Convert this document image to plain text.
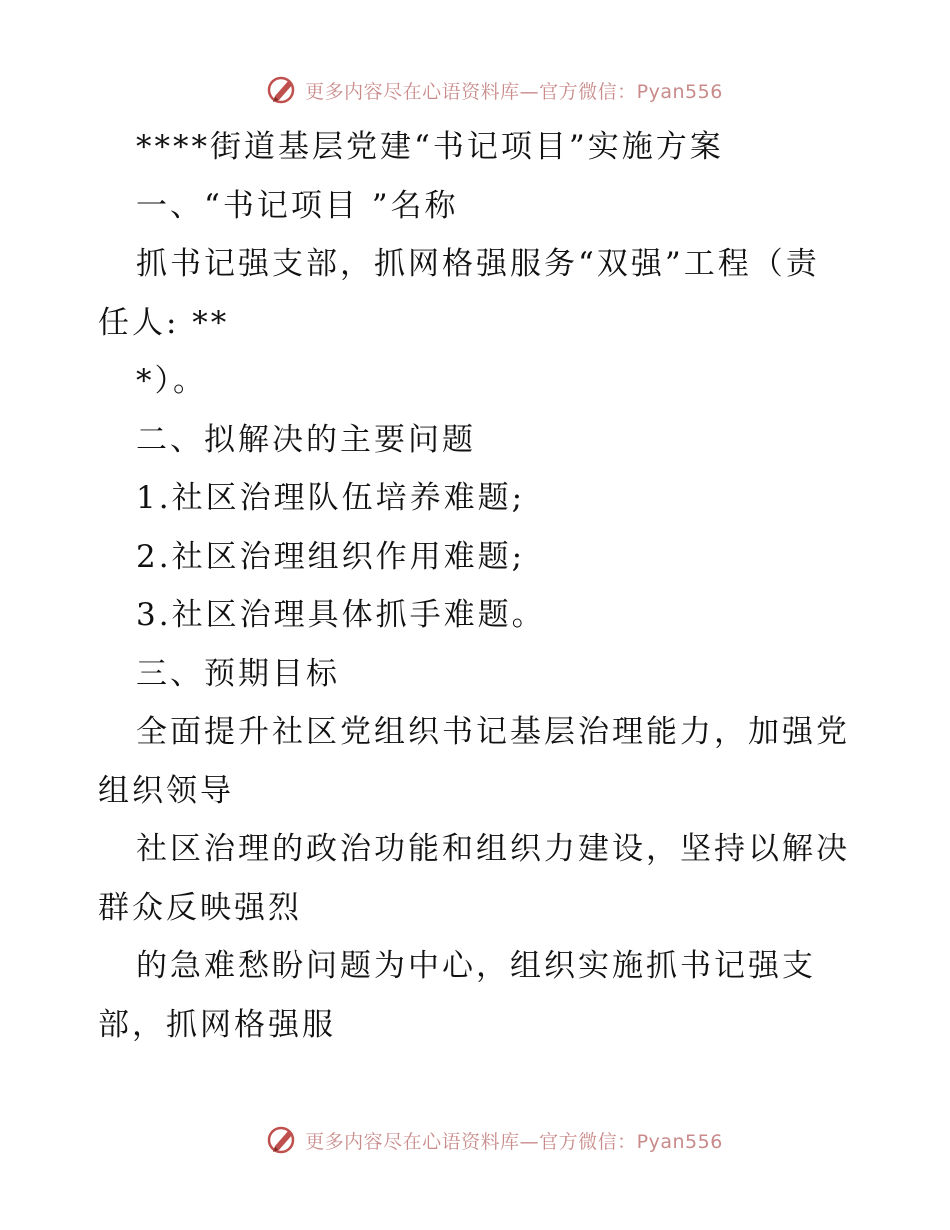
更多内容尽在心语资料库—官方微信：Pyan556
****街道基层党建“书记项目”实施方案
一、“书记项目 ”名称
抓书记强支部，抓网格强服务“双强”工程（责
任人: **
*）。
二、拟解决的主要问题
1.社区治理队伍培养难题;
2.社区治理组织作用难题;
3.社区治理具体抓手难题。
三、预期目标
全面提升社区党组织书记基层治理能力，加强党
组织领导
社区治理的政治功能和组织力建设，坚持以解决
群众反映强烈
的急难愁盼问题为中心，组织实施抓书记强支
部，抓网格强服
更多内容尽在心语资料库—官方微信：Pyan556
